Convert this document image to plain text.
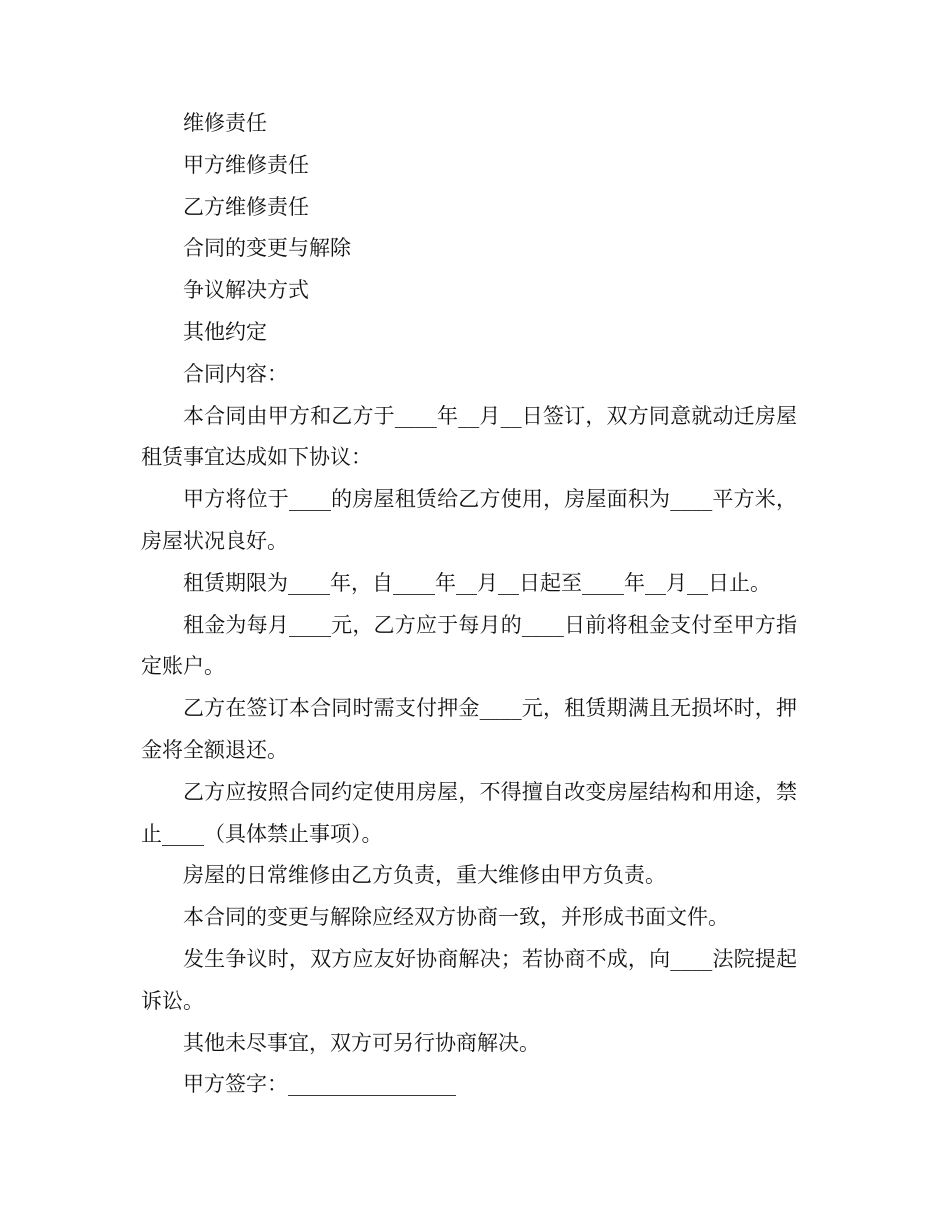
维修责任

甲方维修责任

乙方维修责任

合同的变更与解除

争议解决方式

其他约定

合同内容：

本合同由甲方和乙方于____年__月__日签订，双方同意就动迁房屋租赁事宜达成如下协议：

甲方将位于____的房屋租赁给乙方使用，房屋面积为____平方米，房屋状况良好。

租赁期限为____年，自____年__月__日起至____年__月__日止。

租金为每月____元，乙方应于每月的____日前将租金支付至甲方指定账户。

乙方在签订本合同时需支付押金____元，租赁期满且无损坏时，押金将全额退还。

乙方应按照合同约定使用房屋，不得擅自改变房屋结构和用途，禁止____（具体禁止事项）。

房屋的日常维修由乙方负责，重大维修由甲方负责。

本合同的变更与解除应经双方协商一致，并形成书面文件。

发生争议时，双方应友好协商解决；若协商不成，向____法院提起诉讼。

其他未尽事宜，双方可另行协商解决。

甲方签字：________________
